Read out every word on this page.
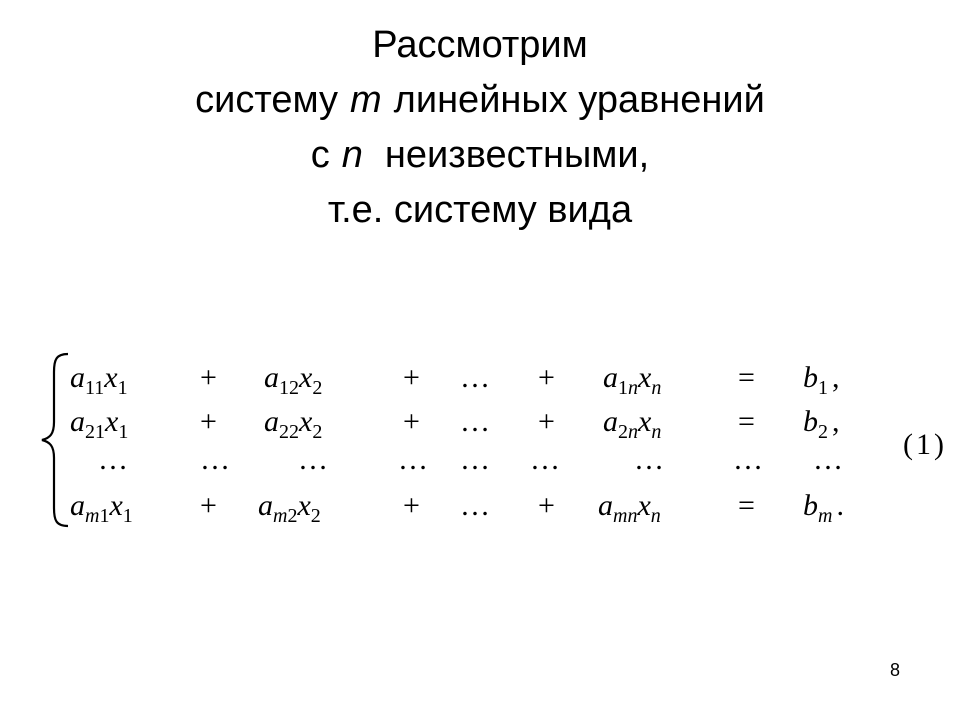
Рассмотрим
систему m линейных уравнений
с n неизвестными,
т.е. систему вида
$a_{11}x_1 + a_{12}x_2$	+ … + $a_{1n}x_n$	= $b_1$ ,
$a_{21}x_1 + a_{22}x_2$	+ … + $a_{2n}x_n$	= $b_2$ ,
… … … … … … … … …
$a_{m1}x_1 + a_{m2}x_2$	+ … + $a_{mn}x_n$	= $b_m$ .
(1)
8
